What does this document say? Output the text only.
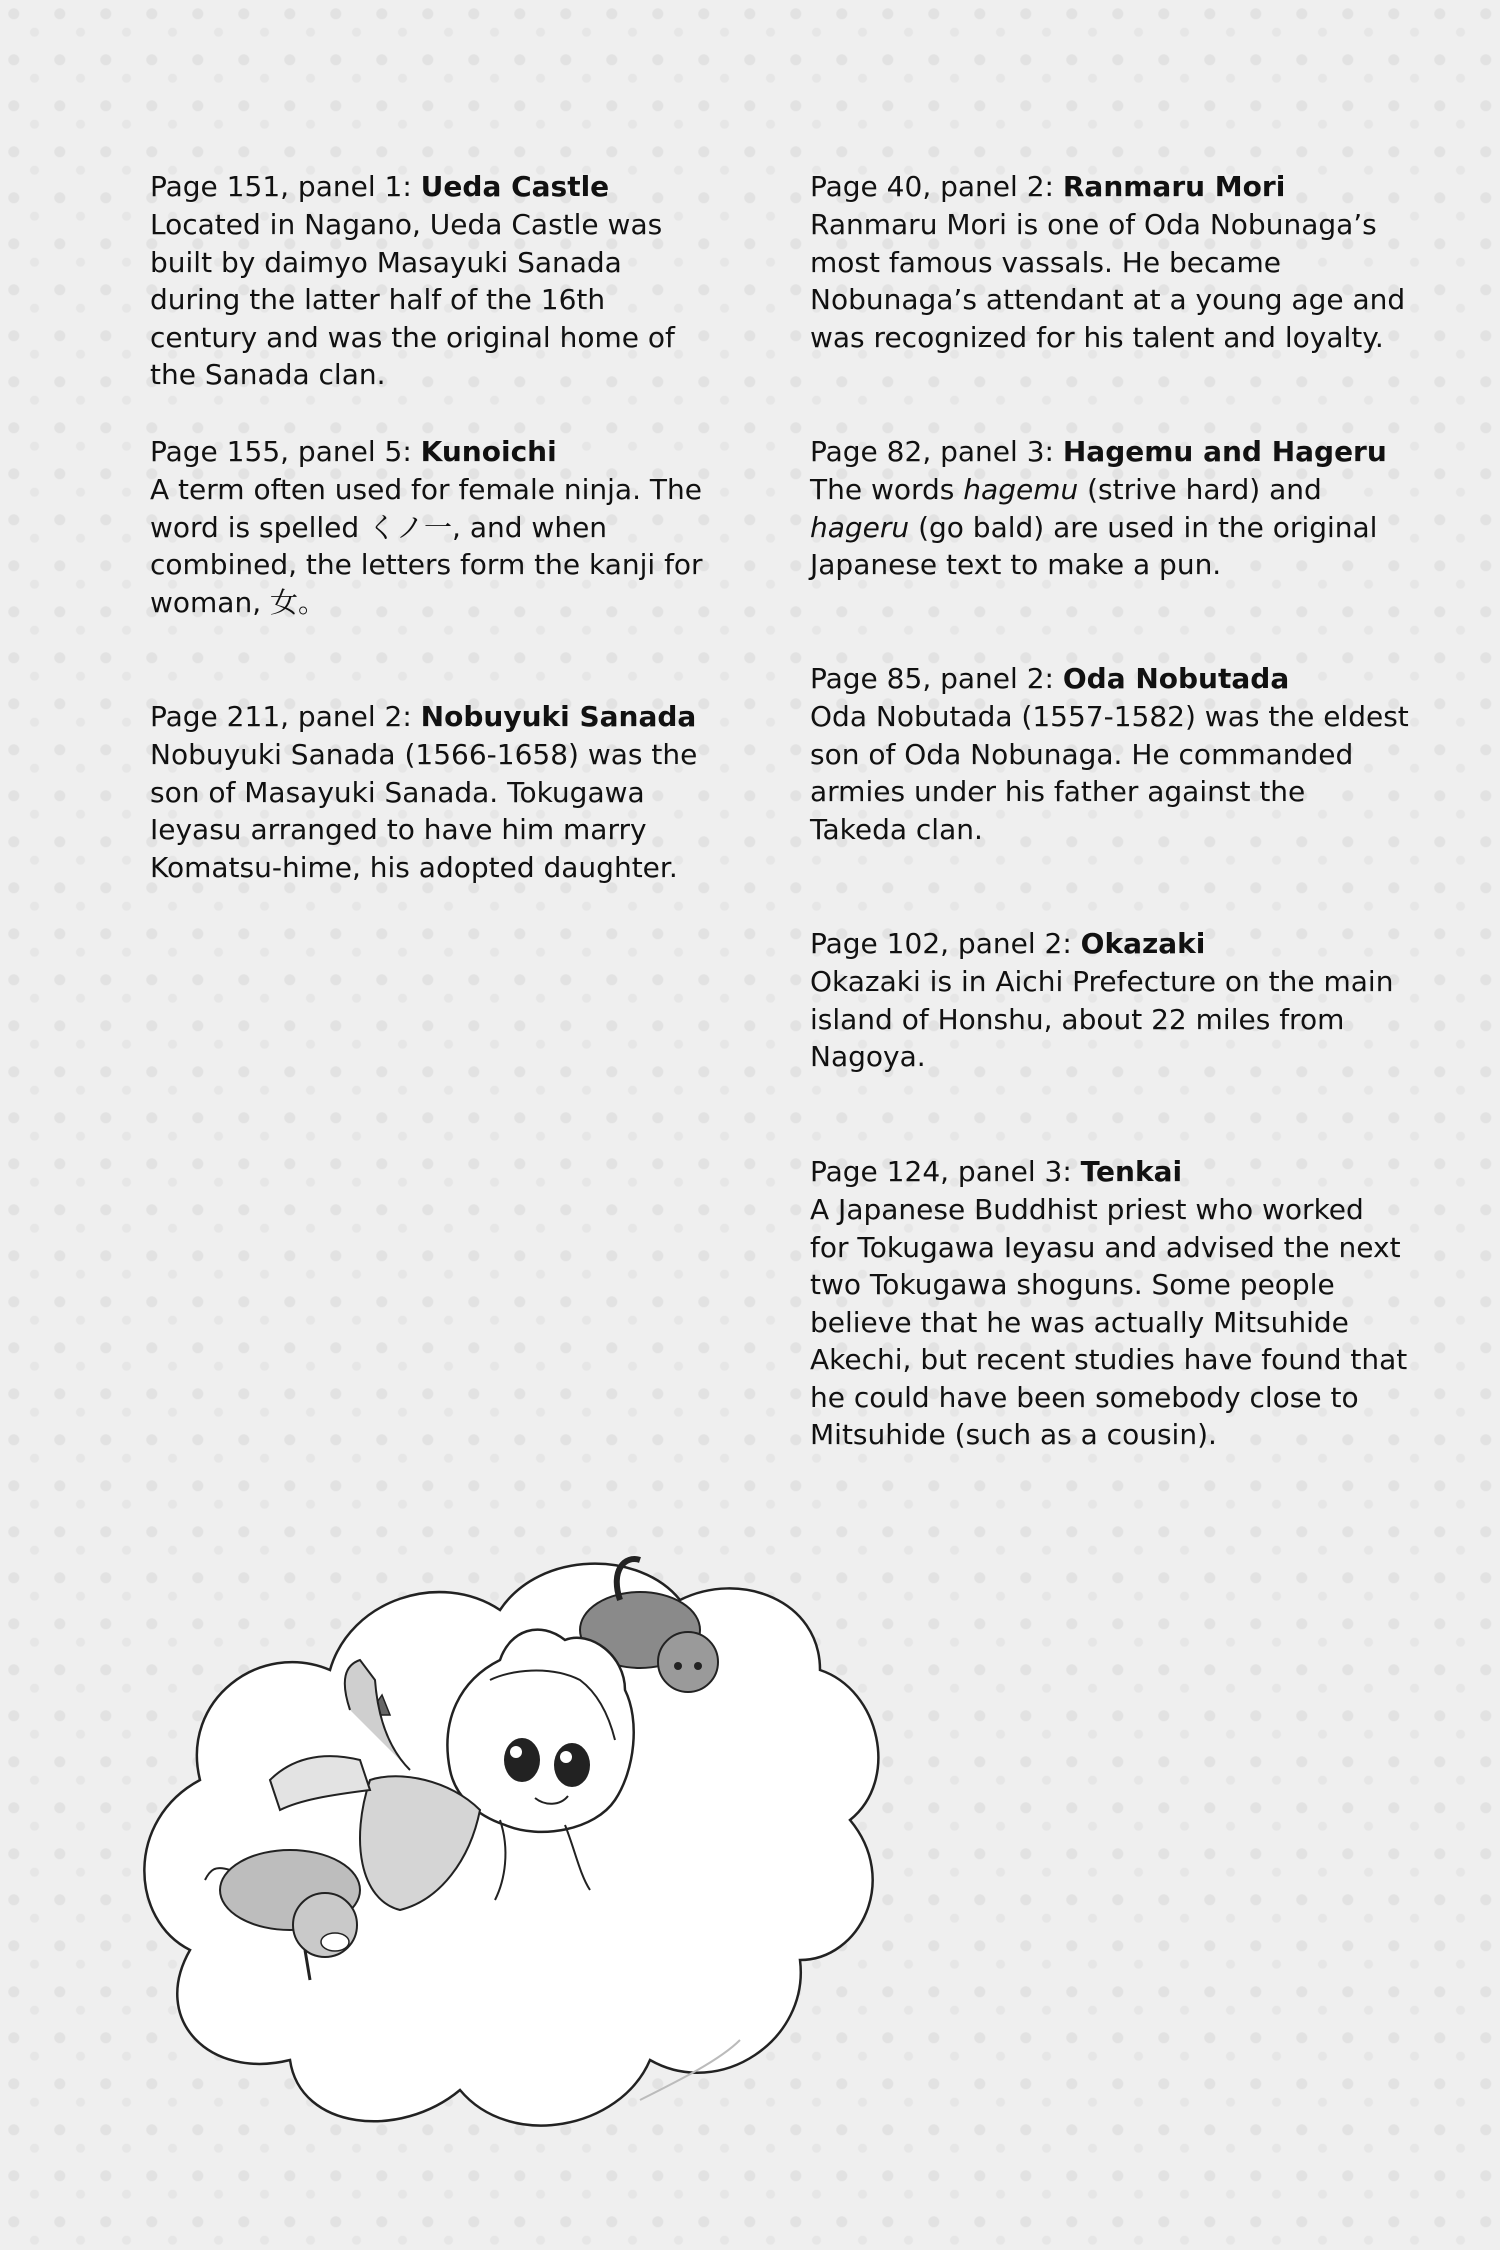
Page 151, panel 1: Ueda Castle

Located in Nagano, Ueda Castle was built by daimyo Masayuki Sanada during the latter half of the 16th century and was the original home of the Sanada clan.

Page 155, panel 5: Kunoichi

A term often used for female ninja. The word is spelled くノ一, and when combined, the letters form the kanji for woman, 女。

Page 211, panel 2: Nobuyuki Sanada

Nobuyuki Sanada (1566-1658) was the son of Masayuki Sanada. Tokugawa Ieyasu arranged to have him marry Komatsu-hime, his adopted daughter.

Page 40, panel 2: Ranmaru Mori

Ranmaru Mori is one of Oda Nobunaga’s most famous vassals. He became Nobunaga’s attendant at a young age and was recognized for his talent and loyalty.

Page 82, panel 3: Hagemu and Hageru

The words hagemu (strive hard) and hageru (go bald) are used in the original Japanese text to make a pun.

Page 85, panel 2: Oda Nobutada

Oda Nobutada (1557-1582) was the eldest son of Oda Nobunaga. He commanded armies under his father against the Takeda clan.

Page 102, panel 2: Okazaki

Okazaki is in Aichi Prefecture on the main island of Honshu, about 22 miles from Nagoya.

Page 124, panel 3: Tenkai

A Japanese Buddhist priest who worked for Tokugawa Ieyasu and advised the next two Tokugawa shoguns. Some people believe that he was actually Mitsuhide Akechi, but recent studies have found that he could have been somebody close to Mitsuhide (such as a cousin).
